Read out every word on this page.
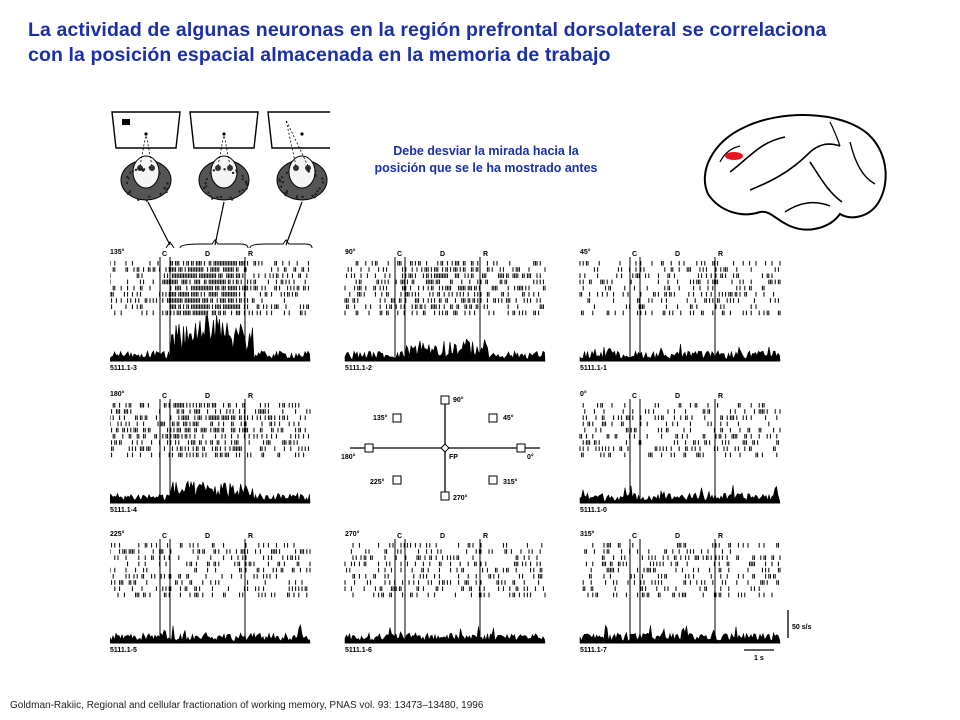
La actividad de algunas neuronas en la región prefrontal dorsolateral se correlaciona
con la posición espacial almacenada en la memoria de trabajo
Debe desviar la mirada hacia la
posición que se le ha mostrado antes
135°	C	D	R
5111.1-3
90°	C	D	R
5111.1-2
45°	C	D	R
5111.1-1
180°	C	D	R
5111.1-4
0°	C	D	R
5111.1-0
225°	C	D	R
5111.1-5
270°	C	D	R
5111.1-6
315°	C	D	R
5111.1-7
FP
90°
45°
0°
315°
270°
225°
180°
135°
50 s/s
1 s
Goldman-Rakiic, Regional and cellular fractionation of working memory, PNAS vol. 93: 13473–13480, 1996
